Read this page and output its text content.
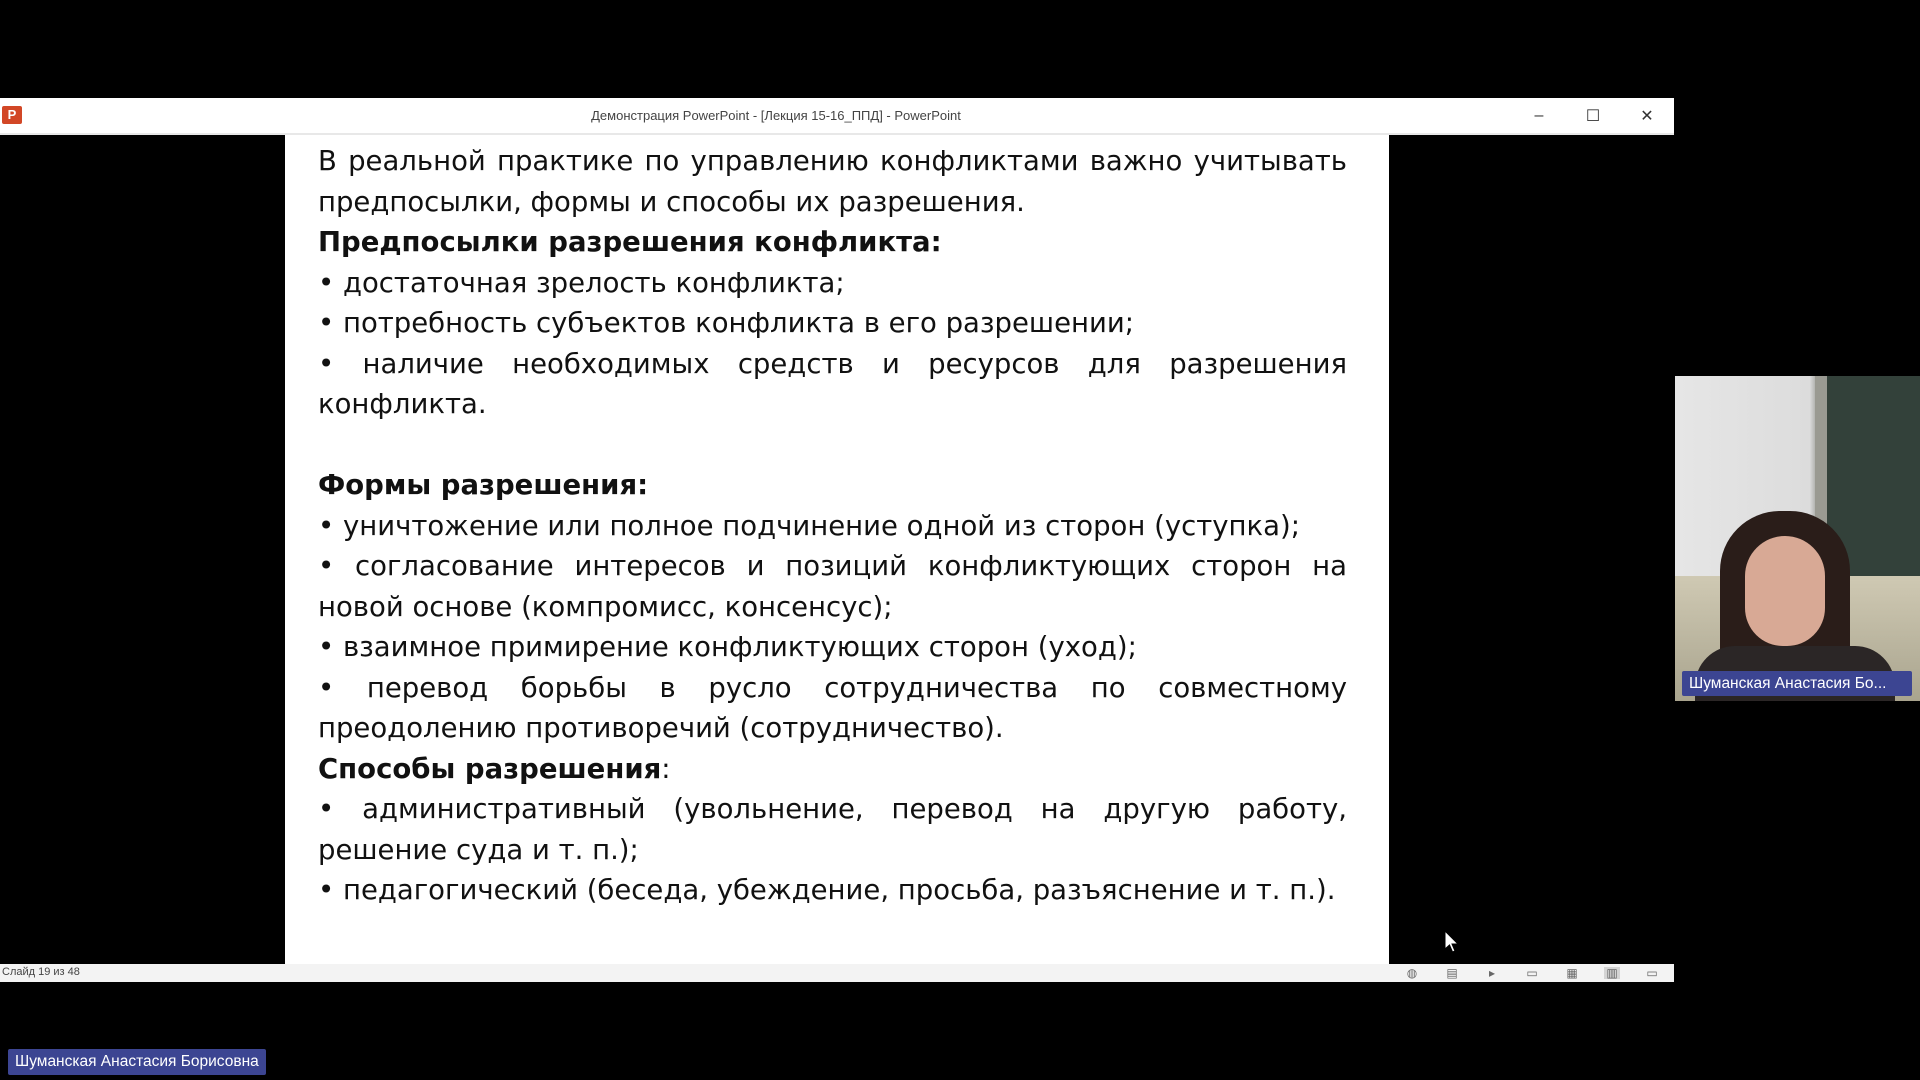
P	Демонстрация PowerPoint - [Лекция 15-16_ППД] - PowerPoint	–	☐	✕

В реальной практике по управлению конфликтами важно учитывать предпосылки, формы и способы их разрешения.

Предпосылки разрешения конфликта:

• достаточная зрелость конфликта;

• потребность субъектов конфликта в его разрешении;

• наличие необходимых средств и ресурсов для разрешения конфликта.

Формы разрешения:

• уничтожение или полное подчинение одной из сторон (уступка);

• согласование интересов и позиций конфликтующих сторон на новой основе (компромисс, консенсус);

• взаимное примирение конфликтующих сторон (уход);

• перевод борьбы в русло сотрудничества по совместному преодолению противоречий (сотрудничество).

Способы разрешения:

• административный (увольнение, перевод на другую работу, решение суда и т. п.);

• педагогический (беседа, убеждение, просьба, разъяснение и т. п.).

Слайд 19 из 48	◍ ▤	▸	▭ ▦ ▥ ▭
Шуманская Анастасия Бо...
Шуманская Анастасия Борисовна
